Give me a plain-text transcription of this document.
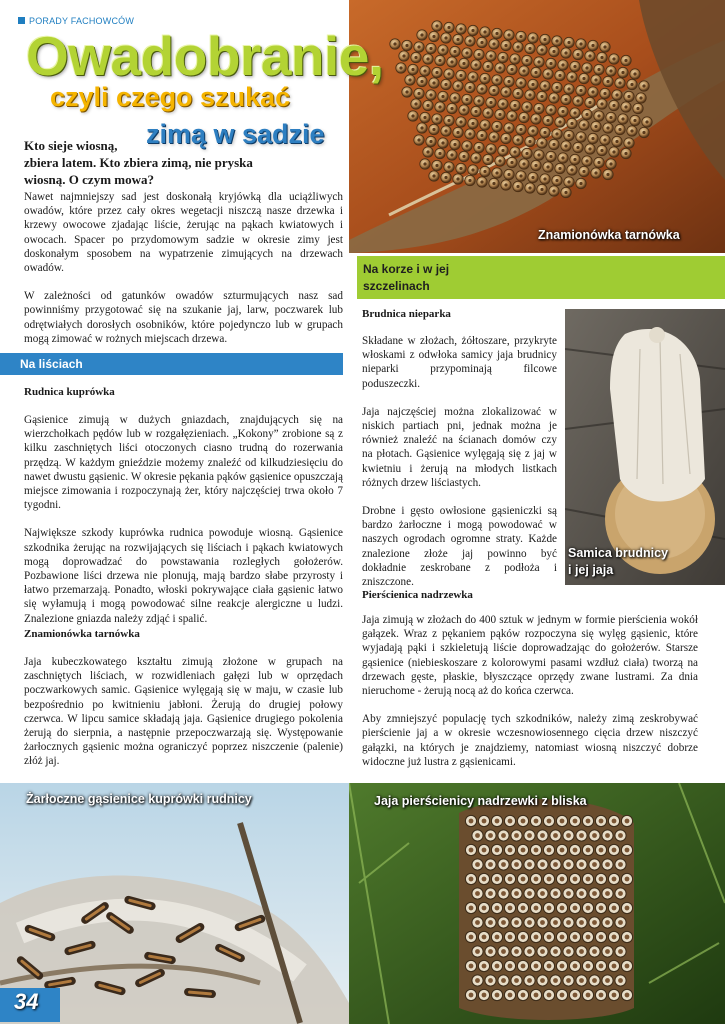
Znamionówka tarnówka
Samica brudnicy
i jej jaja
Żarłoczne gąsienice kuprówki rudnicy	Jaja pierścienicy nadrzewki z bliska
PORADY FACHOWCÓW
Owadobranie,
czyli czego szukać
zimą w sadzie
Kto sieje wiosną,
zbiera latem. Kto zbiera zimą, nie pryska
wiosną. O czym mowa?

Nawet najmniejszy sad jest doskonałą kryjówką dla uciążliwych owadów, które przez cały okres wegetacji niszczą nasze drzewka i krzewy owocowe zjadając liście, żerując na pąkach kwiatowych i owocach. Spacer po przydomowym sadzie w okresie zimy jest doskonałym sposobem na wypatrzenie zimujących na drzewach owadów.

W zależności od gatunków owadów szturmujących nasz sad powinniśmy przygotować się na szukanie jaj, larw, poczwarek lub odrętwiałych dorosłych osobników, które pojedynczo lub w grupach mogą zimować w rożnych miejscach drzewa.

Na liściach
Rudnica kuprówka

Gąsienice zimują w dużych gniazdach, znajdujących się na wierzchołkach pędów lub w rozgałęzieniach. „Kokony” zrobione są z kilku zaschniętych liści otoczonych ciasno trudną do rozerwania przędzą. W każdym gnieździe możemy znaleźć od kilkudziesięciu do nawet dwustu gąsienic. W okresie pękania pąków gąsienice opuszczają miejsce zimowania i rozpoczynają żer, który najczęściej trwa około 7 tygodni.

Największe szkody kuprówka rudnica powoduje wiosną. Gąsienice szkodnika żerując na rozwijających się liściach i pąkach kwiatowych mogą doprowadzać do powstawania rozległych gołożerów. Pozbawione liści drzewa nie plonują, mają bardzo słabe przyrosty i łatwo przemarzają. Ponadto, włoski pokrywające ciała gąsienic łatwo się wyłamują i mogą powodować silne reakcje alergiczne u ludzi. Znalezione gniazda należy zdjąć i spalić.

Znamionówka tarnówka

Jaja kubeczkowatego kształtu zimują złożone w grupach na zaschniętych liściach, w rozwidleniach gałęzi lub w oprzędach poczwarkowych samic. Gąsienice wylęgają się w maju, w czasie lub bezpośrednio po kwitnieniu jabłoni. Żerują do drugiej połowy czerwca. W lipcu samice składają jaja. Gąsienice drugiego pokolenia żerują do sierpnia, a następnie przepoczwarzają się. Występowanie żarłocznych gąsienic można ograniczyć poprzez niszczenie (palenie) złóż jaj.

Na korze i w jej szczelinach
Brudnica nieparka

Składane w złożach, żółtoszare, przykryte włoskami z odwłoka samicy jaja brudnicy nieparki przypominają filcowe poduszeczki.

Jaja najczęściej można zlokalizować w niskich partiach pni, jednak można je również znaleźć na ścianach domów czy na płotach. Gąsienice wylęgają się z jaj w kwietniu i żerują na młodych listkach różnych drzew liściastych.

Drobne i gęsto owłosione gąsieniczki są bardzo żarłoczne i mogą powodować w naszych ogrodach ogromne straty. Każde znalezione złoże jaj powinno być dokładnie zeskrobane z podłoża i zniszczone.

Pierścienica nadrzewka

Jaja zimują w złożach do 400 sztuk w jednym w formie pierścienia wokół gałązek. Wraz z pękaniem pąków rozpoczyna się wylęg gąsienic, które wyjadają pąki i szkieletują liście doprowadzając do gołożerów. Starsze gąsienice (niebieskoszare z kolorowymi pasami wzdłuż ciała) tworzą na drzewach gęste, płaskie, błyszczące oprzędy zwane lustrami. Za dnia nieruchome - żerują nocą aż do końca czerwca.

Aby zmniejszyć populację tych szkodników, należy zimą zeskrobywać pierścienie jaj a w okresie wczesnowiosennego cięcia drzew niszczyć gałązki, na których je znajdziemy, natomiast wiosną niszczyć dobrze widoczne już lustra z gąsienicami.

34
